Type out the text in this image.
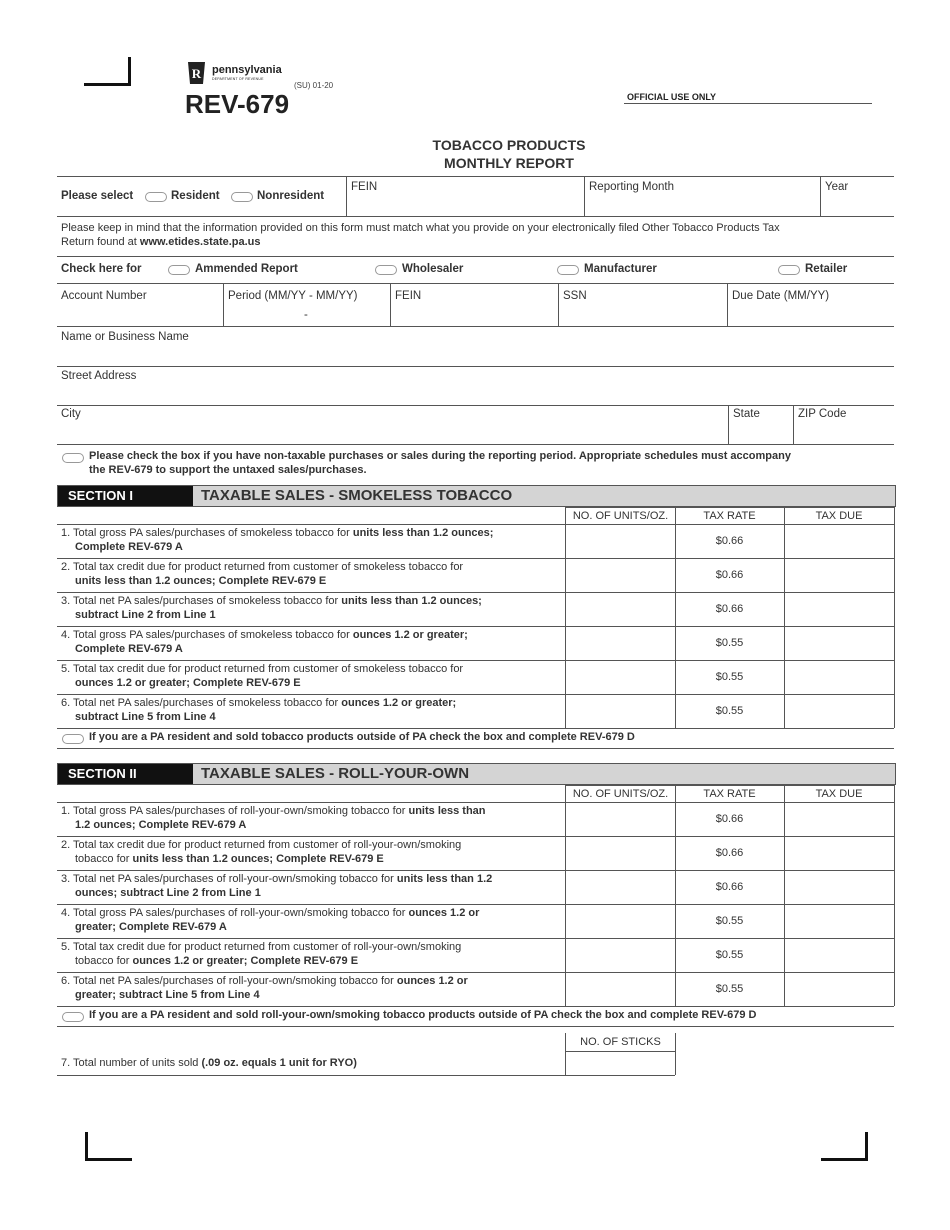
R pennsylvania
DEPARTMENT OF REVENUE
(SU) 01-20
REV-679	OFFICIAL USE ONLY
TOBACCO PRODUCTS
MONTHLY REPORT
Please select	Resident	Nonresident
FEIN	Reporting Month	Year
Please keep in mind that the information provided on this form must match what you provide on your electronically filed Other Tobacco Products Tax
Return found at www.etides.state.pa.us
Check here for	Ammended Report	Wholesaler	Manufacturer	Retailer
Account Number	Period (MM/YY - MM/YY)
-
FEIN	SSN	Due Date (MM/YY)
Name or Business Name
Street Address
City	State	ZIP Code
Please check the box if you have non-taxable purchases or sales during the reporting period. Appropriate schedules must accompany
the REV-679 to support the untaxed sales/purchases.
SECTION I	TAXABLE SALES - SMOKELESS TOBACCO
NO. OF UNITS/OZ.	TAX RATE	TAX DUE
1. Total gross PA sales/purchases of smokeless tobacco for units less than 1.2 ounces;
Complete REV-679 A	$0.66
2. Total tax credit due for product returned from customer of smokeless tobacco for
units less than 1.2 ounces; Complete REV-679 E	$0.66
3. Total net PA sales/purchases of smokeless tobacco for units less than 1.2 ounces;
subtract Line 2 from Line 1	$0.66
4. Total gross PA sales/purchases of smokeless tobacco for ounces 1.2 or greater;
Complete REV-679 A	$0.55
5. Total tax credit due for product returned from customer of smokeless tobacco for
ounces 1.2 or greater; Complete REV-679 E	$0.55
6. Total net PA sales/purchases of smokeless tobacco for ounces 1.2 or greater;
subtract Line 5 from Line 4	$0.55
If you are a PA resident and sold tobacco products outside of PA check the box and complete REV-679 D
SECTION II	TAXABLE SALES - ROLL-YOUR-OWN
NO. OF UNITS/OZ.	TAX RATE	TAX DUE
1. Total gross PA sales/purchases of roll-your-own/smoking tobacco for units less than
1.2 ounces; Complete REV-679 A	$0.66
2. Total tax credit due for product returned from customer of roll-your-own/smoking
tobacco for units less than 1.2 ounces; Complete REV-679 E	$0.66
3. Total net PA sales/purchases of roll-your-own/smoking tobacco for units less than 1.2
ounces; subtract Line 2 from Line 1	$0.66
4. Total gross PA sales/purchases of roll-your-own/smoking tobacco for ounces 1.2 or
greater; Complete REV-679 A	$0.55
5. Total tax credit due for product returned from customer of roll-your-own/smoking
tobacco for ounces 1.2 or greater; Complete REV-679 E	$0.55
6. Total net PA sales/purchases of roll-your-own/smoking tobacco for ounces 1.2 or
greater; subtract Line 5 from Line 4	$0.55
If you are a PA resident and sold roll-your-own/smoking tobacco products outside of PA check the box and complete REV-679 D
NO. OF STICKS
7. Total number of units sold (.09 oz. equals 1 unit for RYO)
